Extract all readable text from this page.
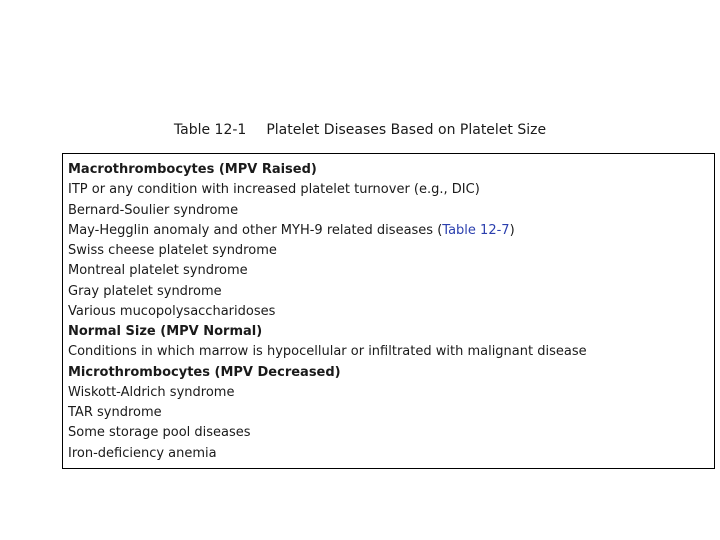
Table 12-1 Platelet Diseases Based on Platelet Size
Macrothrombocytes (MPV Raised)
ITP or any condition with increased platelet turnover (e.g., DIC)
Bernard-Soulier syndrome
May-Hegglin anomaly and other MYH-9 related diseases (Table 12-7)
Swiss cheese platelet syndrome
Montreal platelet syndrome
Gray platelet syndrome
Various mucopolysaccharidoses
Normal Size (MPV Normal)
Conditions in which marrow is hypocellular or infiltrated with malignant disease
Microthrombocytes (MPV Decreased)
Wiskott-Aldrich syndrome
TAR syndrome
Some storage pool diseases
Iron-deficiency anemia
